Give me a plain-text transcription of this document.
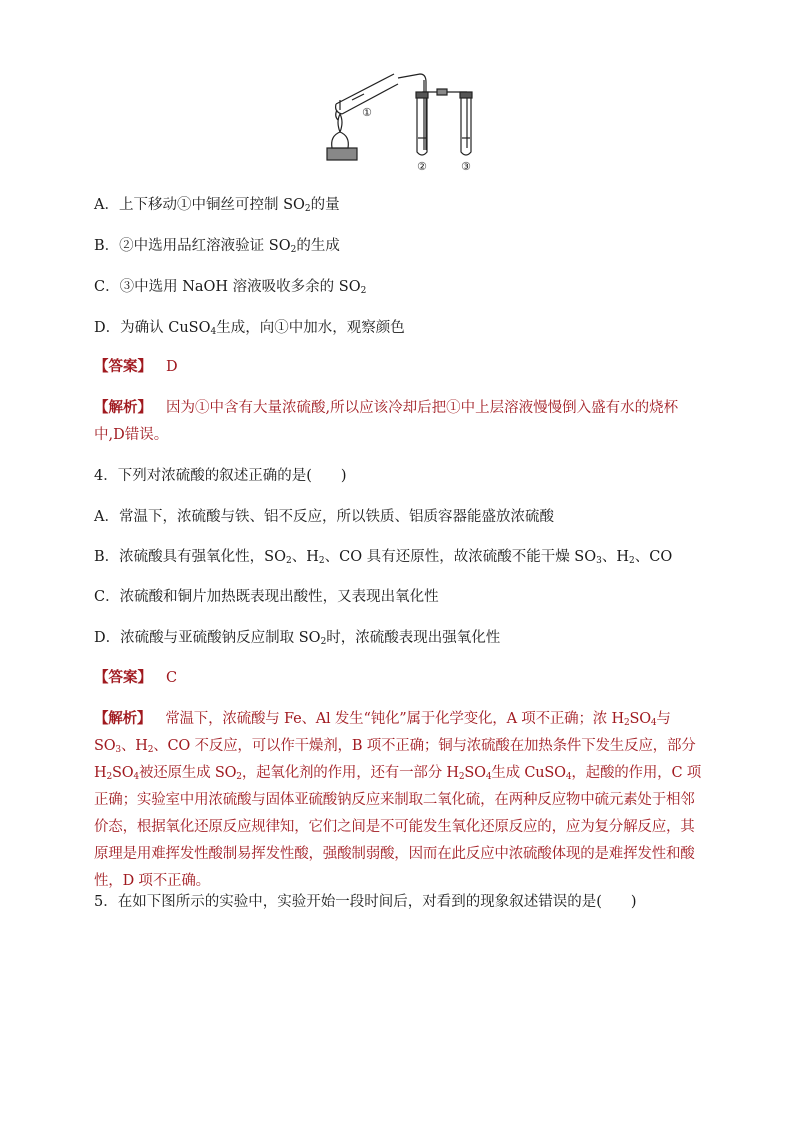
①
②	③
A．上下移动①中铜丝可控制 $SO_2$的量
B．②中选用品红溶液验证 $SO_2$的生成
C．③中选用 NaOH 溶液吸收多余的 $SO_2$
D．为确认 CuSO$_4$生成，向①中加水，观察颜色
【答案】 D
【解析】 因为①中含有大量浓硫酸,所以应该冷却后把①中上层溶液慢慢倒入盛有水的烧杯中,D错误。
4．下列对浓硫酸的叙述正确的是(　　)
A．常温下，浓硫酸与铁、铝不反应，所以铁质、铝质容器能盛放浓硫酸
B．浓硫酸具有强氧化性，$SO_2$、$H_2$、CO 具有还原性，故浓硫酸不能干燥 $SO_3$、$H_2$、CO
C．浓硫酸和铜片加热既表现出酸性，又表现出氧化性
D．浓硫酸与亚硫酸钠反应制取 $SO_2$时，浓硫酸表现出强氧化性
【答案】 C
【解析】 常温下，浓硫酸与 Fe、Al 发生“钝化”属于化学变化，A 项不正确；浓 $H_2SO_4$与 $SO_3$、$H_2$、CO 不反应，可以作干燥剂，B 项不正确；铜与浓硫酸在加热条件下发生反应，部分 $H_2SO_4$被还原生成 $SO_2$，起氧化剂的作用，还有一部分 $H_2SO_4$生成 CuSO$_4$，起酸的作用，C 项正确；实验室中用浓硫酸与固体亚硫酸钠反应来制取二氧化硫，在两种反应物中硫元素处于相邻价态，根据氧化还原反应规律知，它们之间是不可能发生氧化还原反应的，应为复分解反应，其原理是用难挥发性酸制易挥发性酸，强酸制弱酸，因而在此反应中浓硫酸体现的是难挥发性和酸性，D 项不正确。
5．在如下图所示的实验中，实验开始一段时间后，对看到的现象叙述错误的是(　　)
